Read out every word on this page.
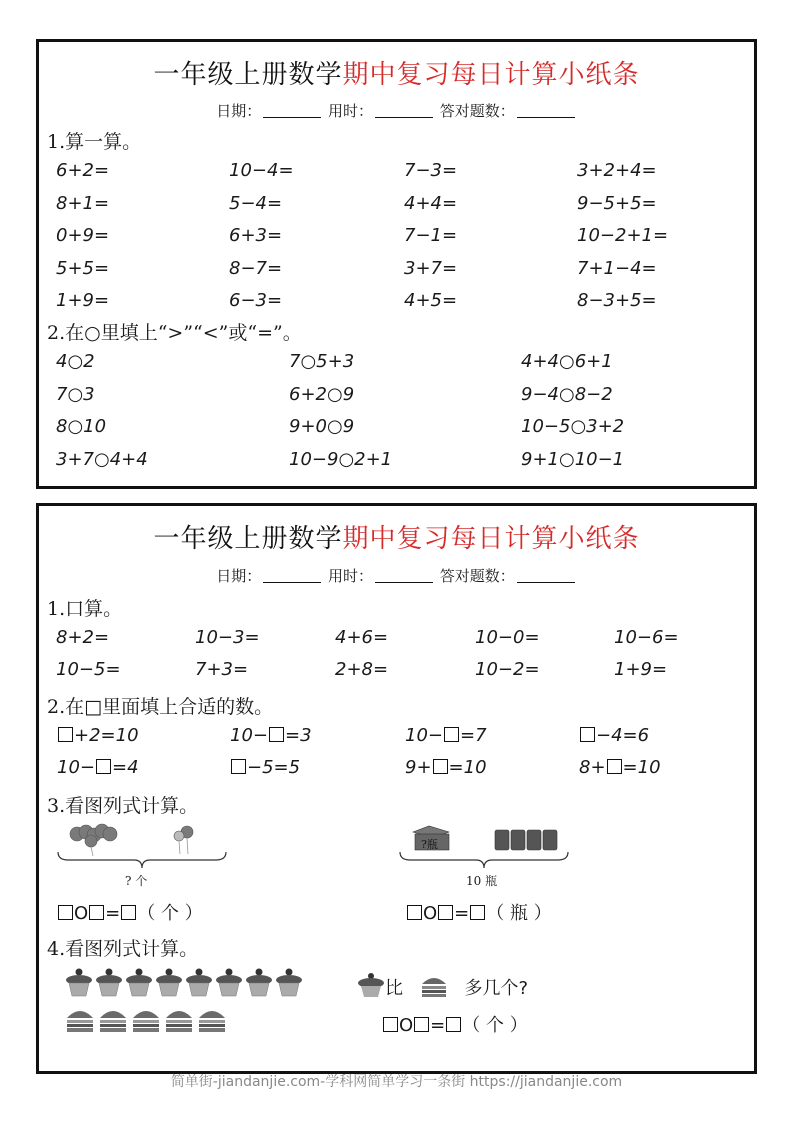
一年级上册数学期中复习每日计算小纸条
日期：	用时：	答对题数：
1.算一算。
6+2=	10−4=	7−3=	3+2+4=
8+1=	5−4=	4+4=	9−5+5=
0+9=	6+3=	7−1=	10−2+1=
5+5=	8−7=	3+7=	7+1−4=
1+9=	6−3=	4+5=	8−3+5=
2.在○里填上“>”“<”或“=”。
4○2	7○5+3	4+4○6+1
7○3	6+2○9	9−4○8−2
8○10	9+0○9	10−5○3+2
3+7○4+4	10−9○2+1	9+1○10−1
一年级上册数学期中复习每日计算小纸条
日期：	用时：	答对题数：
1.口算。
8+2=	10−3=	4+6=	10−0=	10−6=
10−5=	7+3=	2+8=	10−2=	1+9=
2.在□里面填上合适的数。
+2=10	10− =3	10− =7	−4=6
10− =4	−5=5	9+ =10	8+ =10
3.看图列式计算。
? 个
O = （ 个 ）
?瓶
10 瓶
O = （ 瓶 ）
4.看图列式计算。
比	多几个?
O = （ 个 ）
简单街-jiandanjie.com-学科网简单学习一条街 https://jiandanjie.com
